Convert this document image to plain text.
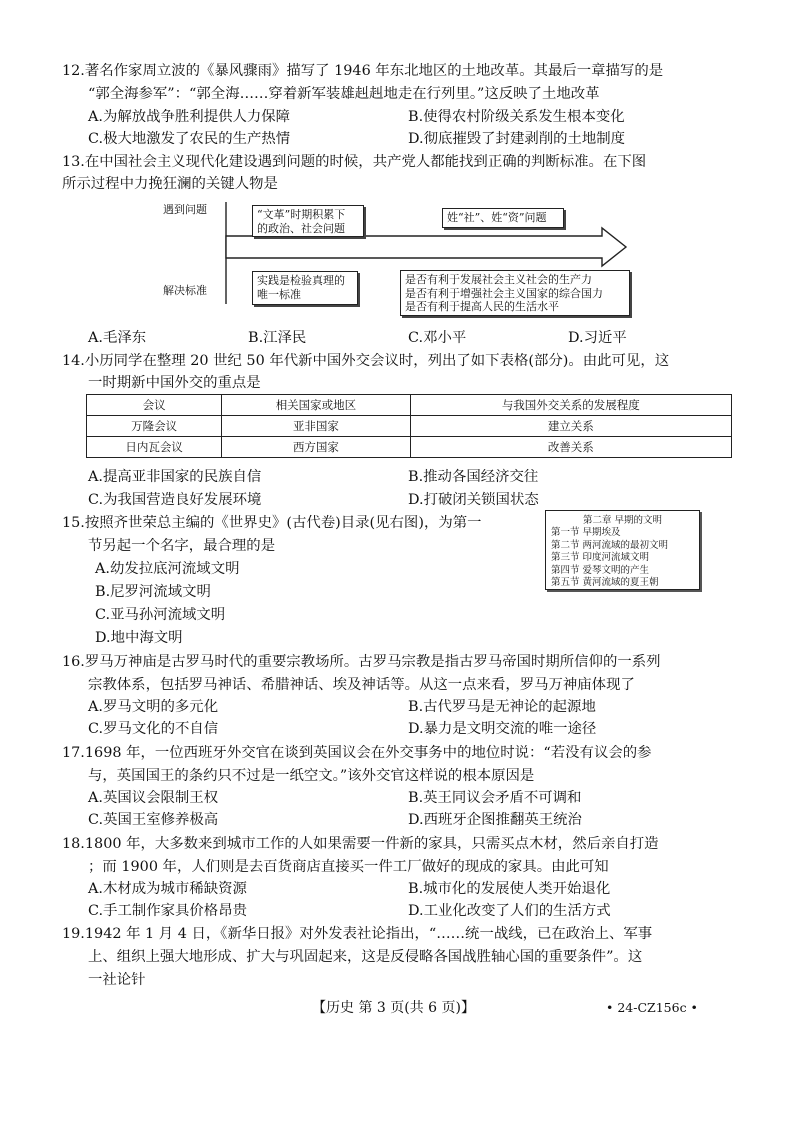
12.著名作家周立波的《暴风骤雨》描写了 1946 年东北地区的土地改革。其最后一章描写的是
“郭全海参军”：“郭全海……穿着新军装雄赳赳地走在行列里。”这反映了土地改革
A.为解放战争胜利提供人力保障	B.使得农村阶级关系发生根本变化
C.极大地激发了农民的生产热情	D.彻底摧毁了封建剥削的土地制度
13.在中国社会主义现代化建设遇到问题的时候，共产党人都能找到正确的判断标准。在下图
所示过程中力挽狂澜的关键人物是
遇到问题
解决标准
“文革”时期积累下
的政治、社会问题
姓“社”、姓“资”问题
实践是检验真理的
唯一标准
是否有利于发展社会主义社会的生产力
是否有利于增强社会主义国家的综合国力
是否有利于提高人民的生活水平
A.毛泽东	B.江泽民	C.邓小平	D.习近平
14.小历同学在整理 20 世纪 50 年代新中国外交会议时，列出了如下表格(部分)。由此可见，这
一时期新中国外交的重点是
会议	相关国家或地区	与我国外交关系的发展程度
万隆会议	亚非国家	建立关系
日内瓦会议	西方国家	改善关系
A.提高亚非国家的民族自信	B.推动各国经济交往
C.为我国营造良好发展环境	D.打破闭关锁国状态
15.按照齐世荣总主编的《世界史》(古代卷)目录(见右图)，为第一
节另起一个名字，最合理的是
A.幼发拉底河流域文明
B.尼罗河流域文明
C.亚马孙河流域文明
D.地中海文明
第二章 早期的文明
第一节 早期埃及
第二节 两河流域的最初文明
第三节 印度河流域文明
第四节 爱琴文明的产生
第五节 黄河流域的夏王朝
16.罗马万神庙是古罗马时代的重要宗教场所。古罗马宗教是指古罗马帝国时期所信仰的一系列
宗教体系，包括罗马神话、希腊神话、埃及神话等。从这一点来看，罗马万神庙体现了
A.罗马文明的多元化	B.古代罗马是无神论的起源地
C.罗马文化的不自信	D.暴力是文明交流的唯一途径
17.1698 年，一位西班牙外交官在谈到英国议会在外交事务中的地位时说：“若没有议会的参
与，英国国王的条约只不过是一纸空文。”该外交官这样说的根本原因是
A.英国议会限制王权	B.英王同议会矛盾不可调和
C.英国王室修养极高	D.西班牙企图推翻英王统治
18.1800 年，大多数来到城市工作的人如果需要一件新的家具，只需买点木材，然后亲自打造
；而 1900 年，人们则是去百货商店直接买一件工厂做好的现成的家具。由此可知
A.木材成为城市稀缺资源	B.城市化的发展使人类开始退化
C.手工制作家具价格昂贵	D.工业化改变了人们的生活方式
19.1942 年 1 月 4 日，《新华日报》对外发表社论指出，“……统一战线，已在政治上、军事
上、组织上强大地形成、扩大与巩固起来，这是反侵略各国战胜轴心国的重要条件”。这
一社论针
【历史 第 3 页(共 6 页)】	• 24-CZ156c •
